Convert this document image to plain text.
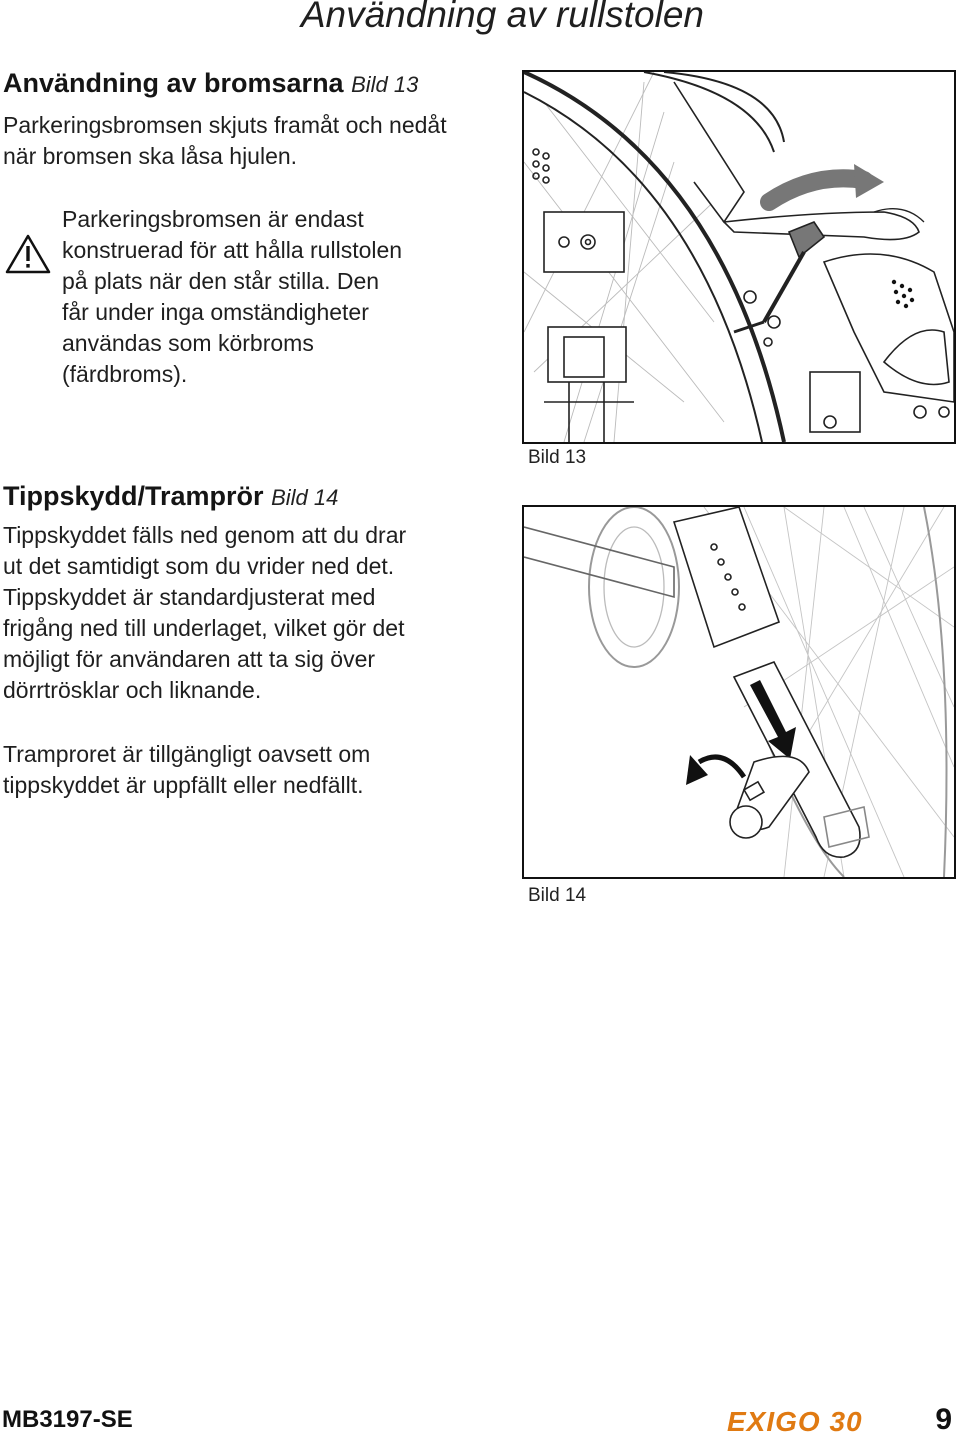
Användning av rullstolen
Användning av bromsarna Bild 13
Parkeringsbromsen skjuts framåt och nedåt när bromsen ska låsa hjulen.
Parkeringsbromsen är endast
konstruerad för att hålla rullstolen
på plats när den står stilla. Den
får under inga omständigheter
användas som körbroms
(färdbroms).
Tippskydd/Tramprör Bild 14
Tippskyddet fälls ned genom att du drar
ut det samtidigt som du vrider ned det.
Tippskyddet är standardjusterat med
frigång ned till underlaget, vilket gör det
möjligt för användaren att ta sig över
dörrtrösklar och liknande.
Tramproret är tillgängligt oavsett om
tippskyddet är uppfällt eller nedfällt.
Bild 13
Bild 14
MB3197-SE	EXIGO 30 9
